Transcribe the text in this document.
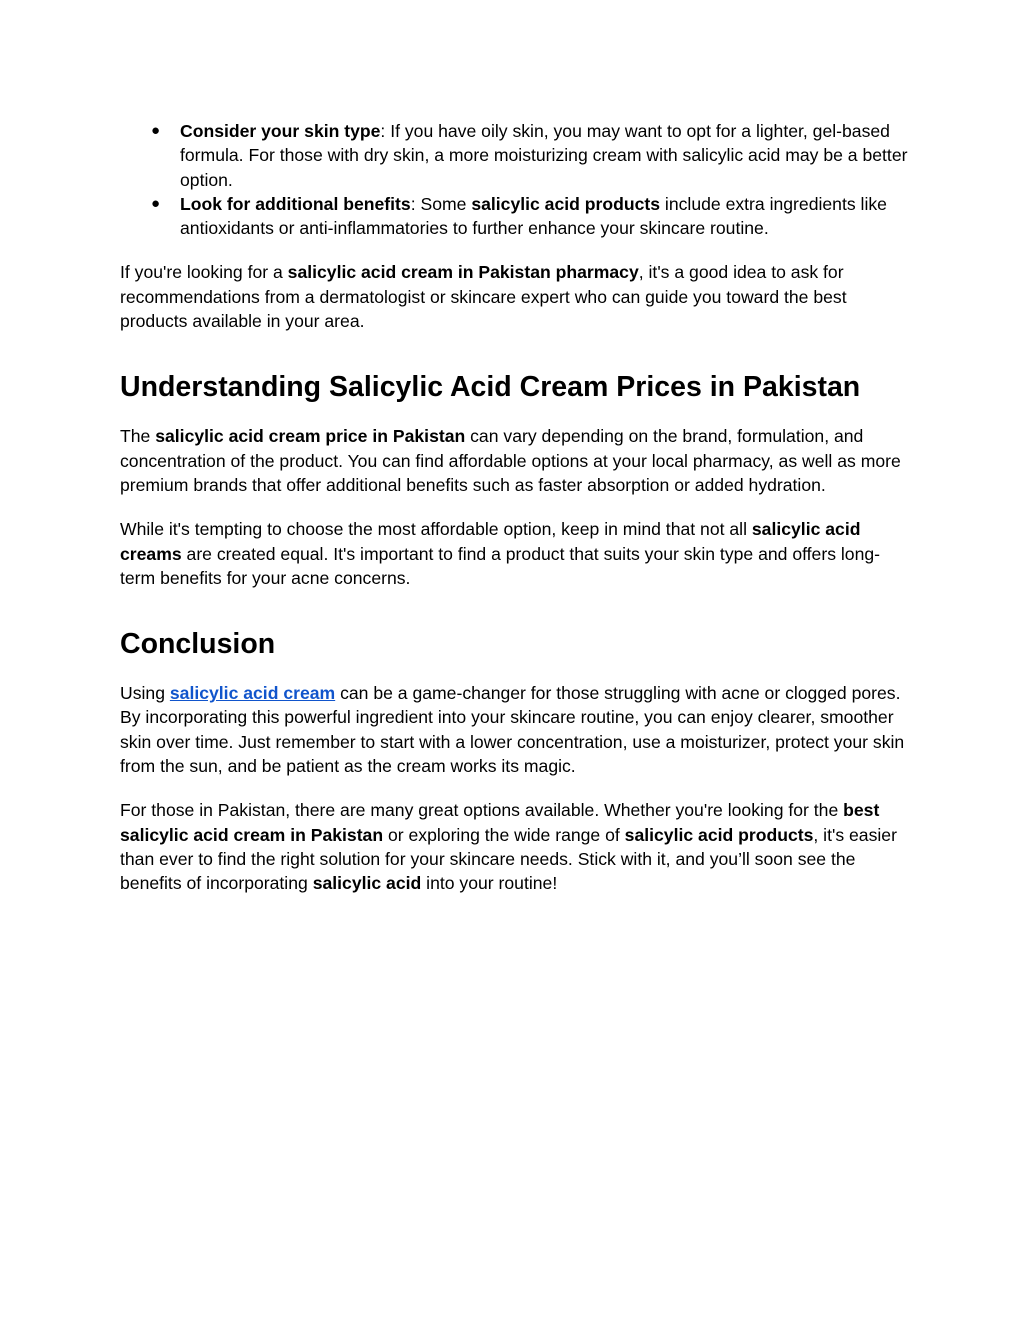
● Consider your skin type: If you have oily skin, you may want to opt for a lighter, gel-based formula. For those with dry skin, a more moisturizing cream with salicylic acid may be a better option.
● Look for additional benefits: Some salicylic acid products include extra ingredients like antioxidants or anti-inflammatories to further enhance your skincare routine.

If you're looking for a salicylic acid cream in Pakistan pharmacy, it's a good idea to ask for recommendations from a dermatologist or skincare expert who can guide you toward the best products available in your area.

Understanding Salicylic Acid Cream Prices in Pakistan

The salicylic acid cream price in Pakistan can vary depending on the brand, formulation, and concentration of the product. You can find affordable options at your local pharmacy, as well as more premium brands that offer additional benefits such as faster absorption or added hydration.

While it's tempting to choose the most affordable option, keep in mind that not all salicylic acid creams are created equal. It's important to find a product that suits your skin type and offers long-term benefits for your acne concerns.

Conclusion

Using salicylic acid cream can be a game-changer for those struggling with acne or clogged pores. By incorporating this powerful ingredient into your skincare routine, you can enjoy clearer, smoother skin over time. Just remember to start with a lower concentration, use a moisturizer, protect your skin from the sun, and be patient as the cream works its magic.

For those in Pakistan, there are many great options available. Whether you're looking for the best salicylic acid cream in Pakistan or exploring the wide range of salicylic acid products, it's easier than ever to find the right solution for your skincare needs. Stick with it, and you’ll soon see the benefits of incorporating salicylic acid into your routine!
